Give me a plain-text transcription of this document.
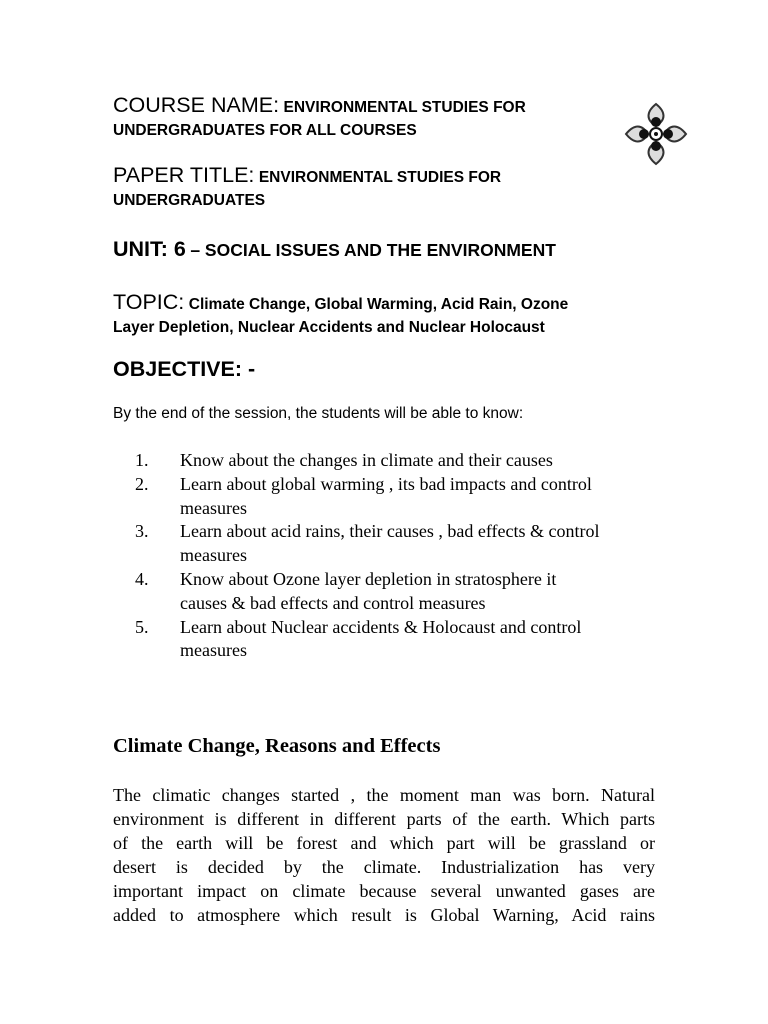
COURSE NAME: ENVIRONMENTAL STUDIES FOR
UNDERGRADUATES FOR ALL COURSES
PAPER TITLE: ENVIRONMENTAL STUDIES FOR
UNDERGRADUATES
UNIT: 6 – SOCIAL ISSUES AND THE ENVIRONMENT
TOPIC: Climate Change, Global Warming, Acid Rain, Ozone
Layer Depletion, Nuclear Accidents and Nuclear Holocaust
OBJECTIVE: -
By the end of the session, the students will be able to know:
1. Know about the changes in climate and their causes
2. Learn about global warming , its bad impacts and control
measures
3. Learn about acid rains, their causes , bad effects & control
measures
4. Know about Ozone layer depletion in stratosphere it
causes & bad effects and control measures
5. Learn about Nuclear accidents & Holocaust and control
measures
Climate Change, Reasons and Effects
The climatic changes started , the moment man was born. Natural
environment is different in different parts of the earth. Which parts
of the earth will be forest and which part will be grassland or
desert is decided by the climate. Industrialization has very
important impact on climate because several unwanted gases are
added to atmosphere which result is Global Warning, Acid rains
